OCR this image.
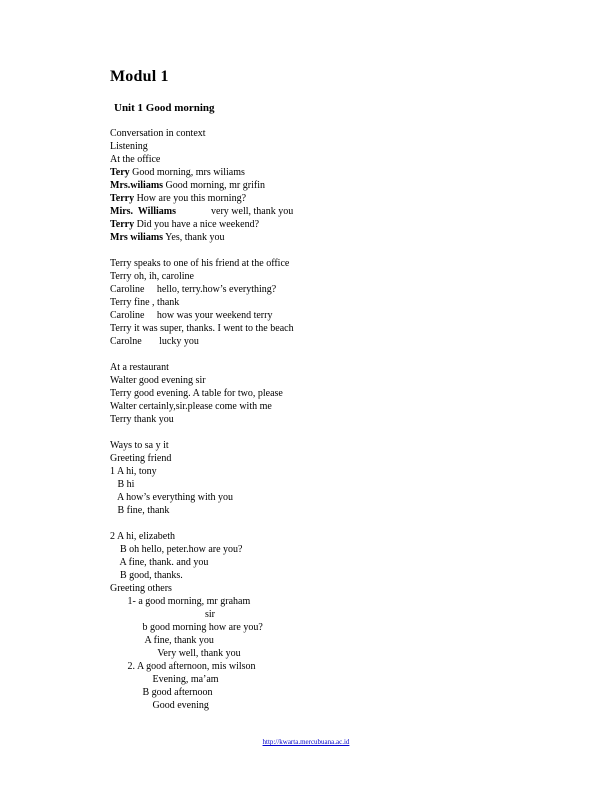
Modul 1
Unit 1 Good morning
Conversation in context
Listening
At the office
Tery Good morning, mrs wiliams
Mrs.wiliams Good morning, mr grifin
Terry How are you this morning?
Mirs.  Williams              very well, thank you
Terry Did you have a nice weekend?
Mrs wiliams Yes, thank you
Terry speaks to one of his friend at the office
Terry oh, ih, caroline
Caroline     hello, terry.how’s everything?
Terry fine , thank
Caroline     how was your weekend terry
Terry it was super, thanks. I went to the beach
Carolne       lucky you
At a restaurant
Walter good evening sir
Terry good evening. A table for two, please
Walter certainly,sir.please come with me
Terry thank you
Ways to sa y it
Greeting friend
1 A hi, tony
B hi
A how’s everything with you
B fine, thank
2 A hi, elizabeth
B oh hello, peter.how are you?
A fine, thank. and you
B good, thanks.
Greeting others
1- a good morning, mr graham
sir
b good morning how are you?
A fine, thank you
Very well, thank you
2. A good afternoon, mis wilson
Evening, ma’am
B good afternoon
Good evening
http://kwarta.mercubuana.ac.id
